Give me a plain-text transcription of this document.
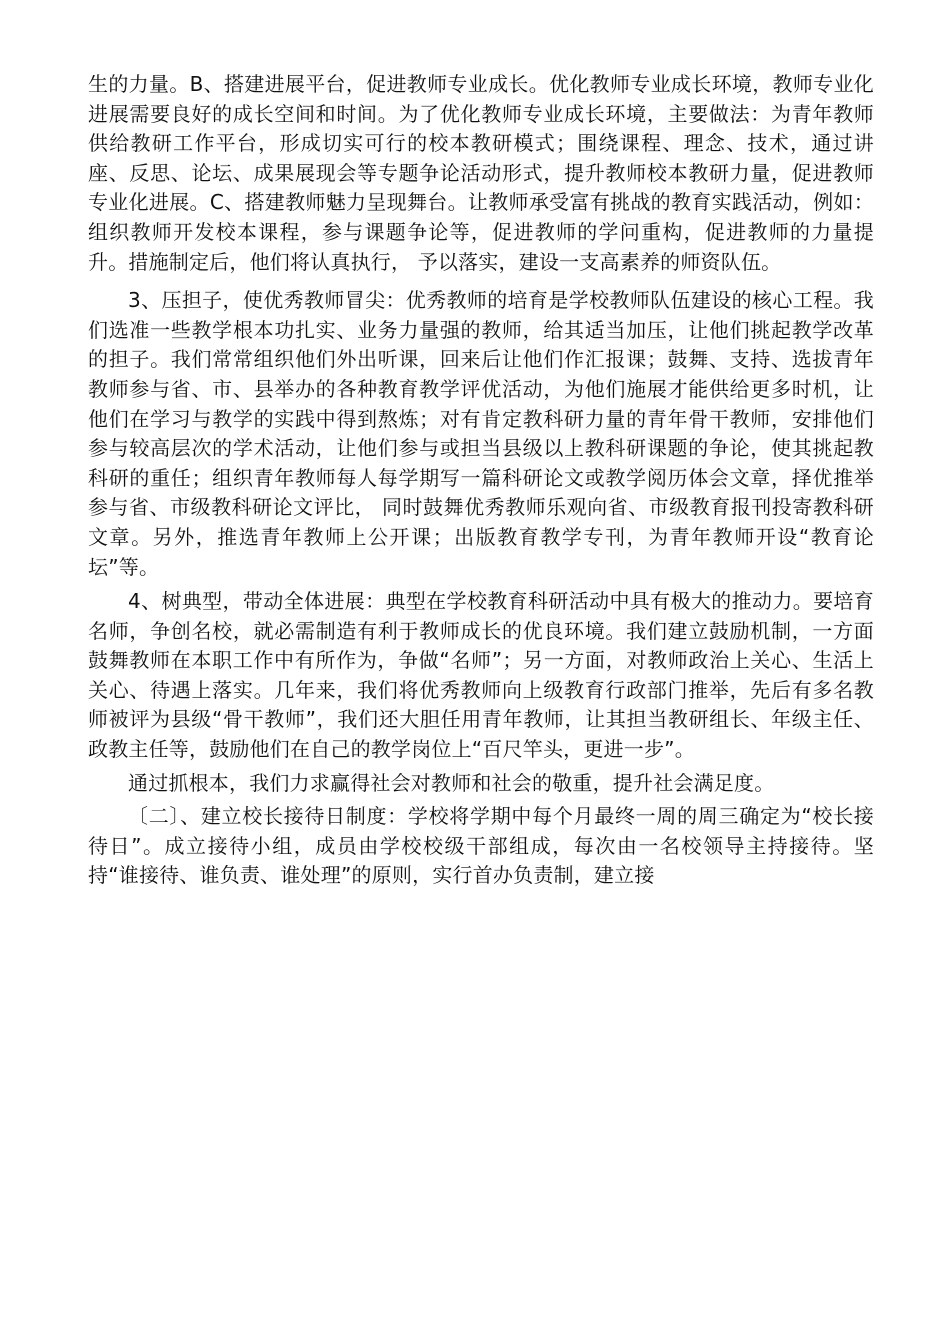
生的力量。B、搭建进展平台，促进教师专业成长。优化教师专业成长环境，教师专业化进展需要良好的成长空间和时间。为了优化教师专业成长环境，主要做法：为青年教师供给教研工作平台，形成切实可行的校本教研模式；围绕课程、理念、技术，通过讲座、反思、论坛、成果展现会等专题争论活动形式，提升教师校本教研力量，促进教师专业化进展。C、搭建教师魅力呈现舞台。让教师承受富有挑战的教育实践活动，例如：组织教师开发校本课程，参与课题争论等，促进教师的学问重构，促进教师的力量提升。措施制定后，他们将认真执行， 予以落实，建设一支高素养的师资队伍。

3、压担子，使优秀教师冒尖：优秀教师的培育是学校教师队伍建设的核心工程。我们选准一些教学根本功扎实、业务力量强的教师，给其适当加压，让他们挑起教学改革的担子。我们常常组织他们外出听课，回来后让他们作汇报课；鼓舞、支持、选拔青年教师参与省、市、县举办的各种教育教学评优活动，为他们施展才能供给更多时机，让他们在学习与教学的实践中得到熬炼；对有肯定教科研力量的青年骨干教师，安排他们参与较高层次的学术活动，让他们参与或担当县级以上教科研课题的争论，使其挑起教科研的重任；组织青年教师每人每学期写一篇科研论文或教学阅历体会文章，择优推举参与省、市级教科研论文评比， 同时鼓舞优秀教师乐观向省、市级教育报刊投寄教科研文章。另外，推选青年教师上公开课；出版教育教学专刊，为青年教师开设“教育论坛”等。

4、树典型，带动全体进展：典型在学校教育科研活动中具有极大的推动力。要培育名师，争创名校，就必需制造有利于教师成长的优良环境。我们建立鼓励机制，一方面鼓舞教师在本职工作中有所作为，争做“名师”；另一方面，对教师政治上关心、生活上关心、待遇上落实。几年来，我们将优秀教师向上级教育行政部门推举，先后有多名教师被评为县级“骨干教师”，我们还大胆任用青年教师，让其担当教研组长、年级主任、政教主任等，鼓励他们在自己的教学岗位上“百尺竿头，更进一步”。

通过抓根本，我们力求赢得社会对教师和社会的敬重，提升社会满足度。

〔二〕、建立校长接待日制度：学校将学期中每个月最终一周的周三确定为“校长接待日”。成立接待小组，成员由学校校级干部组成，每次由一名校领导主持接待。坚持“谁接待、谁负责、谁处理”的原则，实行首办负责制，建立接
